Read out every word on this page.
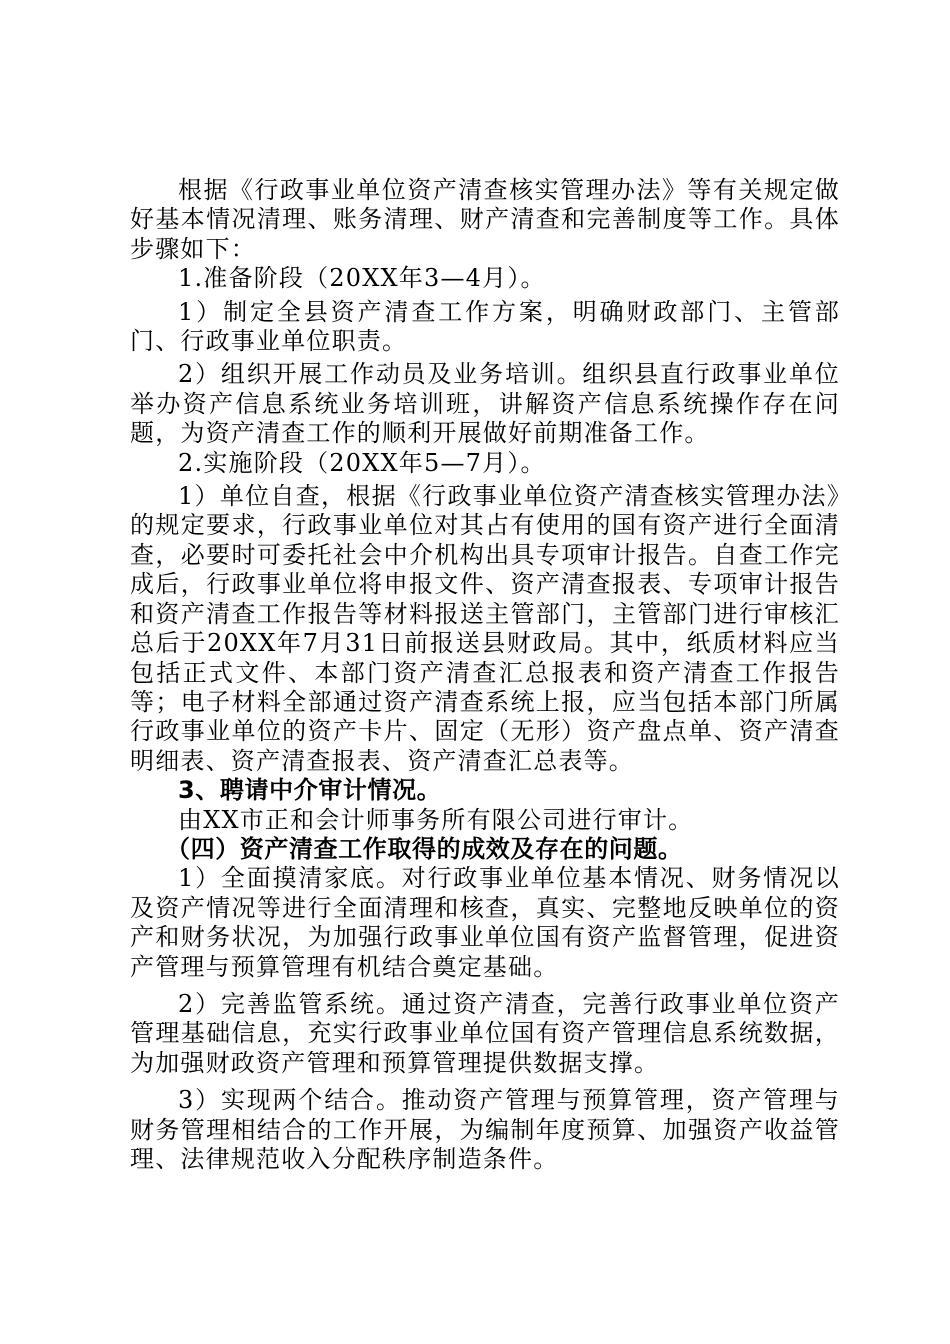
根据《行政事业单位资产清查核实管理办法》等有关规定做好基本情况清理、账务清理、财产清查和完善制度等工作。具体步骤如下：

1.准备阶段（20XX年3—4月）。

1）制定全县资产清查工作方案，明确财政部门、主管部门、行政事业单位职责。

2）组织开展工作动员及业务培训。组织县直行政事业单位举办资产信息系统业务培训班，讲解资产信息系统操作存在问题，为资产清查工作的顺利开展做好前期准备工作。

2.实施阶段（20XX年5—7月）。

1）单位自查，根据《行政事业单位资产清查核实管理办法》的规定要求，行政事业单位对其占有使用的国有资产进行全面清查，必要时可委托社会中介机构出具专项审计报告。自查工作完成后，行政事业单位将申报文件、资产清查报表、专项审计报告和资产清查工作报告等材料报送主管部门，主管部门进行审核汇总后于20XX年7月31日前报送县财政局。其中，纸质材料应当包括正式文件、本部门资产清查汇总报表和资产清查工作报告等；电子材料全部通过资产清查系统上报，应当包括本部门所属行政事业单位的资产卡片、固定（无形）资产盘点单、资产清查明细表、资产清查报表、资产清查汇总表等。

3、聘请中介审计情况。

由XX市正和会计师事务所有限公司进行审计。

（四）资产清查工作取得的成效及存在的问题。

1）全面摸清家底。对行政事业单位基本情况、财务情况以及资产情况等进行全面清理和核查，真实、完整地反映单位的资产和财务状况，为加强行政事业单位国有资产监督管理，促进资产管理与预算管理有机结合奠定基础。

2）完善监管系统。通过资产清查，完善行政事业单位资产管理基础信息，充实行政事业单位国有资产管理信息系统数据，为加强财政资产管理和预算管理提供数据支撑。

3）实现两个结合。推动资产管理与预算管理，资产管理与财务管理相结合的工作开展，为编制年度预算、加强资产收益管理、法律规范收入分配秩序制造条件。
